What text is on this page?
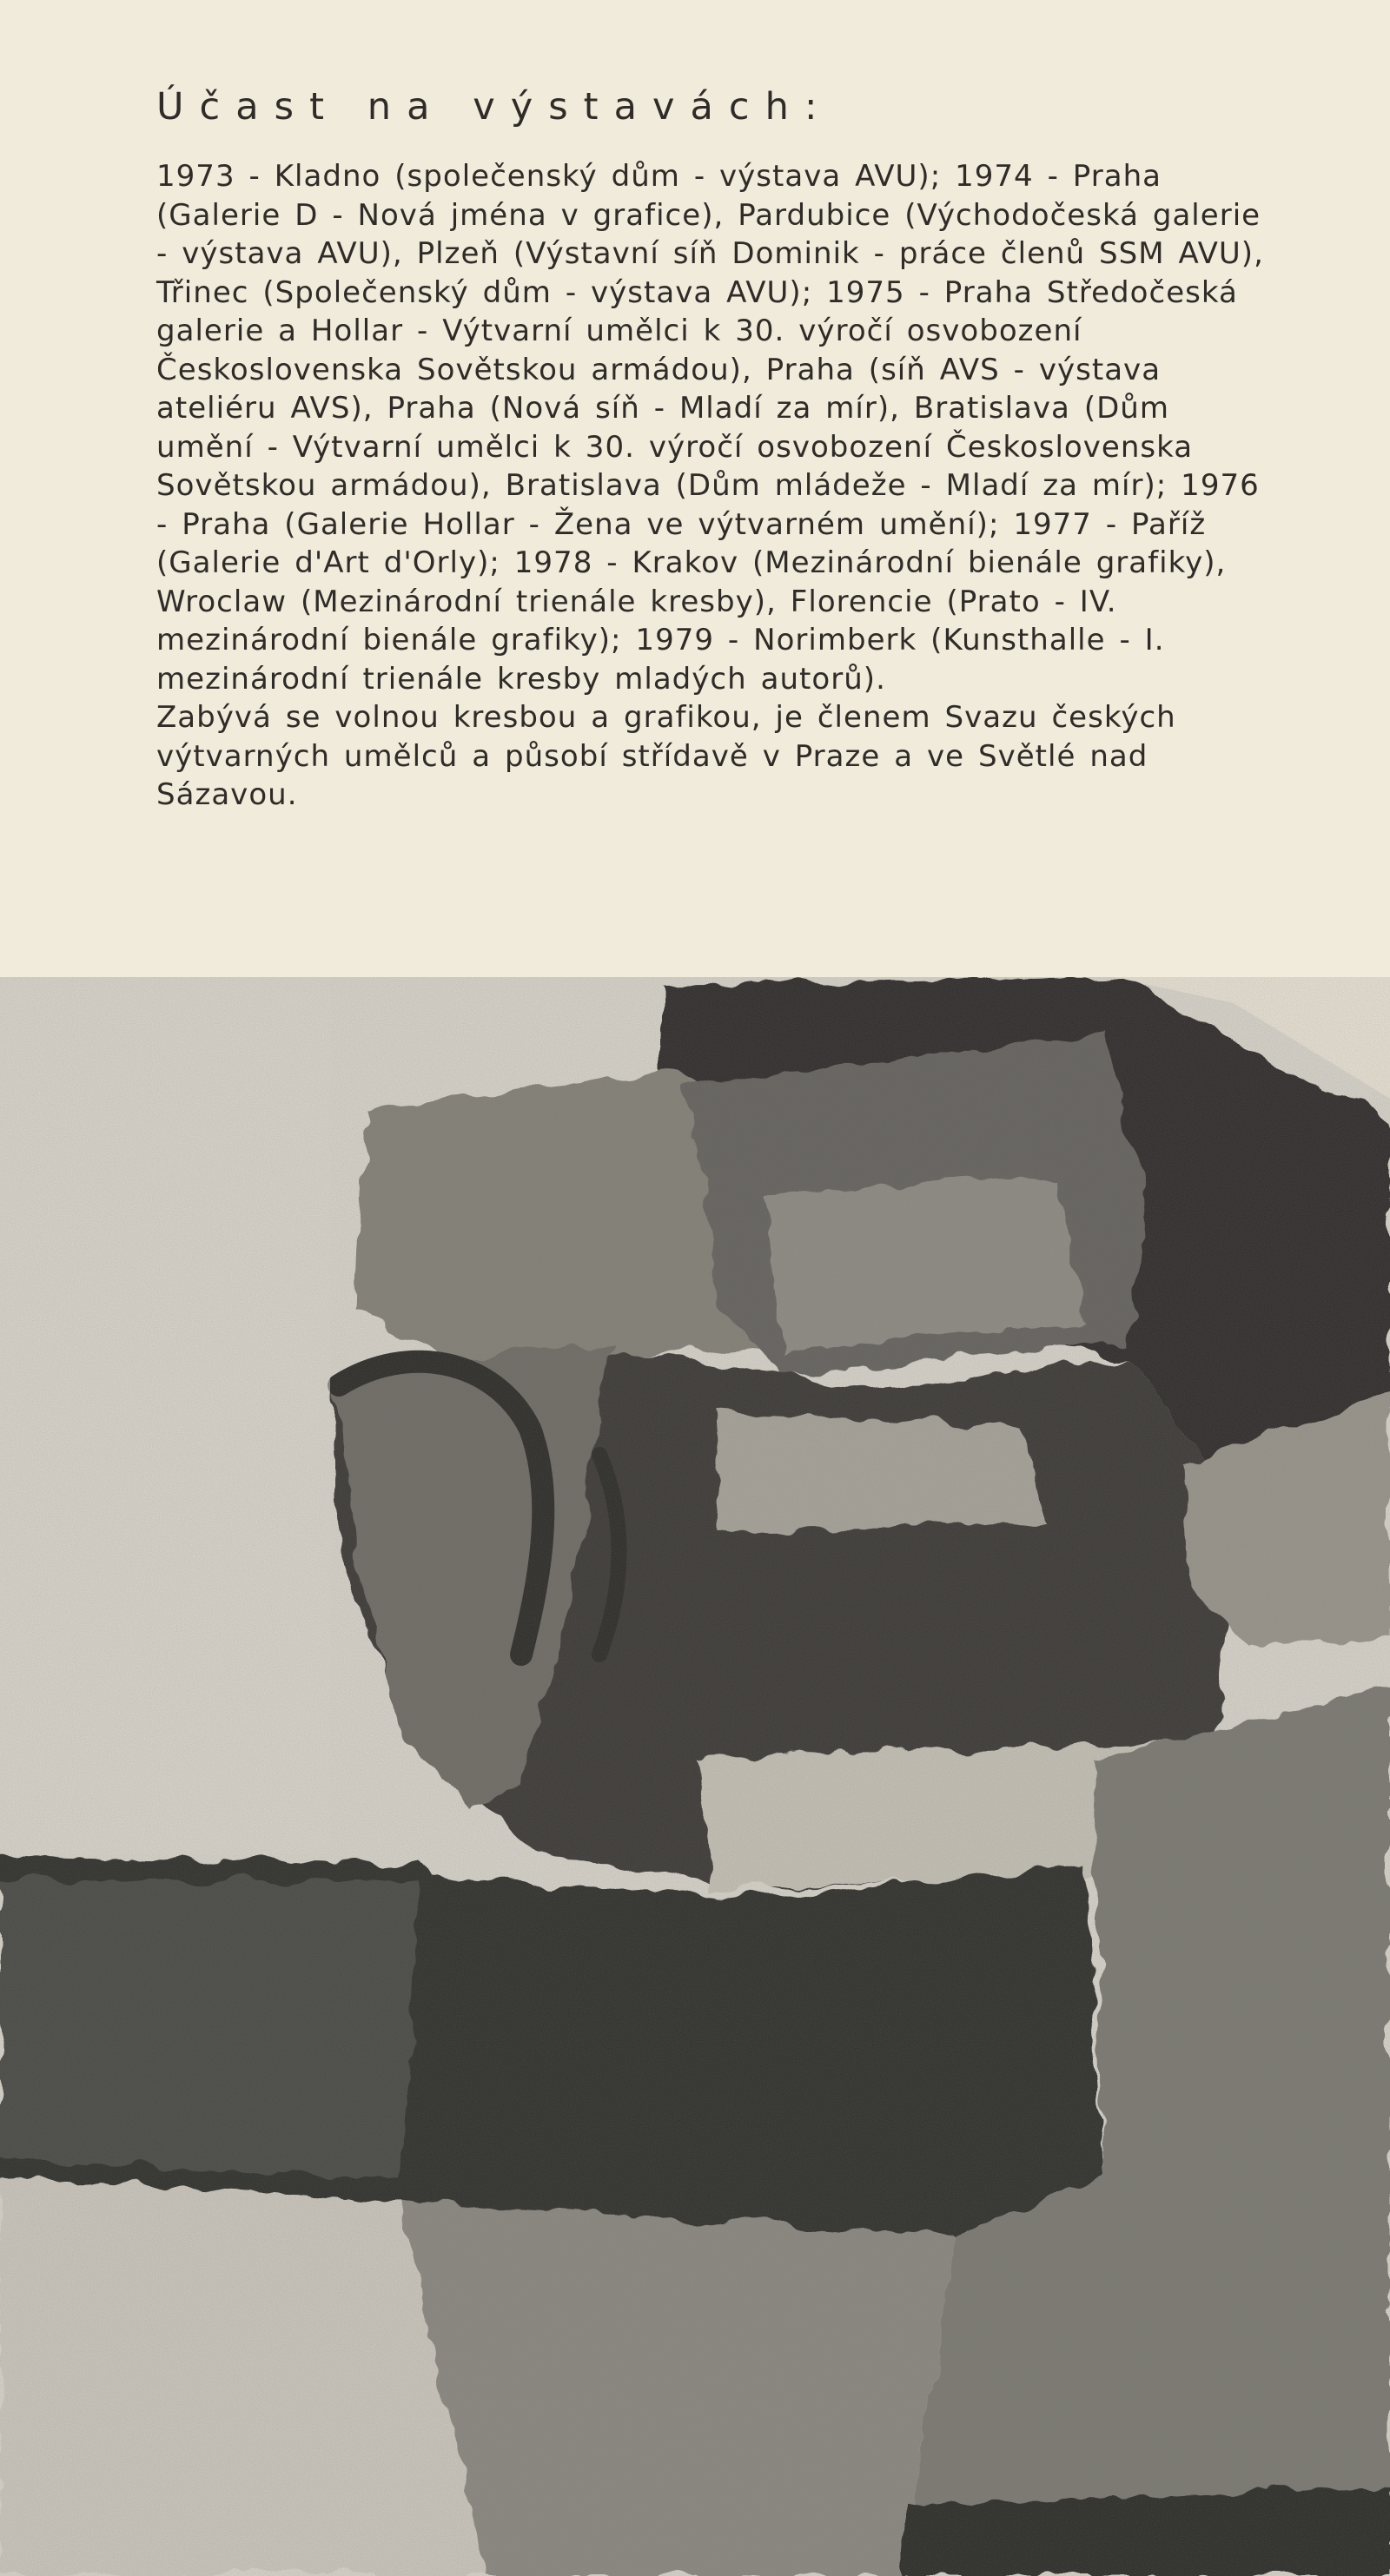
Účast na výstavách:

1973 - Kladno (společenský dům - výstava AVU); 1974 - Praha (Galerie D - Nová jména v grafice), Pardubice (Východočeská galerie - výstava AVU), Plzeň (Výstavní síň Dominik - práce členů SSM AVU), Třinec (Společenský dům - výstava AVU); 1975 - Praha Středočeská galerie a Hollar - Výtvarní umělci k 30. výročí osvobození Československa Sovětskou armádou), Praha (síň AVS - výstava ateliéru AVS), Praha (Nová síň - Mladí za mír), Bratislava (Dům umění - Výtvarní umělci k 30. výročí osvobození Československa Sovětskou armádou), Bratislava (Dům mládeže - Mladí za mír); 1976 - Praha (Galerie Hollar - Žena ve výtvarném umění); 1977 - Paříž (Galerie d'Art d'Orly); 1978 - Krakov (Mezinárodní bienále grafiky), Wroclaw (Mezinárodní trienále kresby), Florencie (Prato - IV. mezinárodní bienále grafiky); 1979 - Norimberk (Kunsthalle - I. mezinárodní trienále kresby mladých autorů).

Zabývá se volnou kresbou a grafikou, je členem Svazu českých výtvarných umělců a působí střídavě v Praze a ve Světlé nad Sázavou.
